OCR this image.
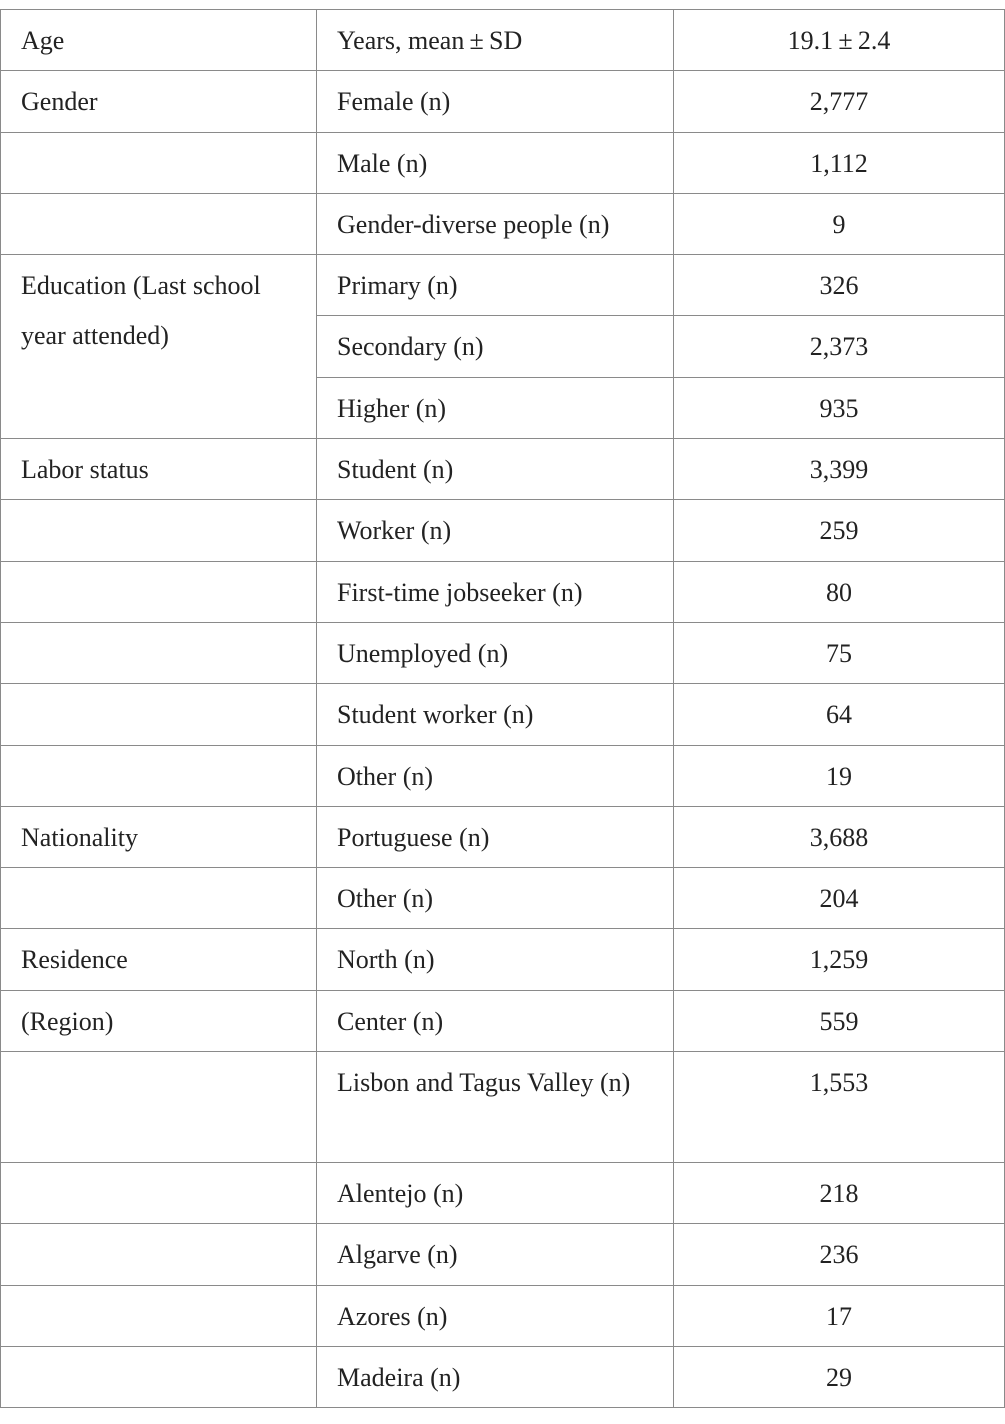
Age	Years, mean ± SD	19.1 ± 2.4

Gender	Female (n)	2,777

	Male (n)	1,112

	Gender-diverse people (n)	9

Education (Last school year attended)	Primary (n)	326

	Secondary (n)	2,373

	Higher (n)	935

Labor status	Student (n)	3,399

	Worker (n)	259

	First-time jobseeker (n)	80

	Unemployed (n)	75

	Student worker (n)	64

	Other (n)	19

Nationality	Portuguese (n)	3,688

	Other (n)	204

Residence	North (n)	1,259

(Region)	Center (n)	559

	Lisbon and Tagus Valley (n)	1,553

	Alentejo (n)	218

	Algarve (n)	236

	Azores (n)	17

	Madeira (n)	29
